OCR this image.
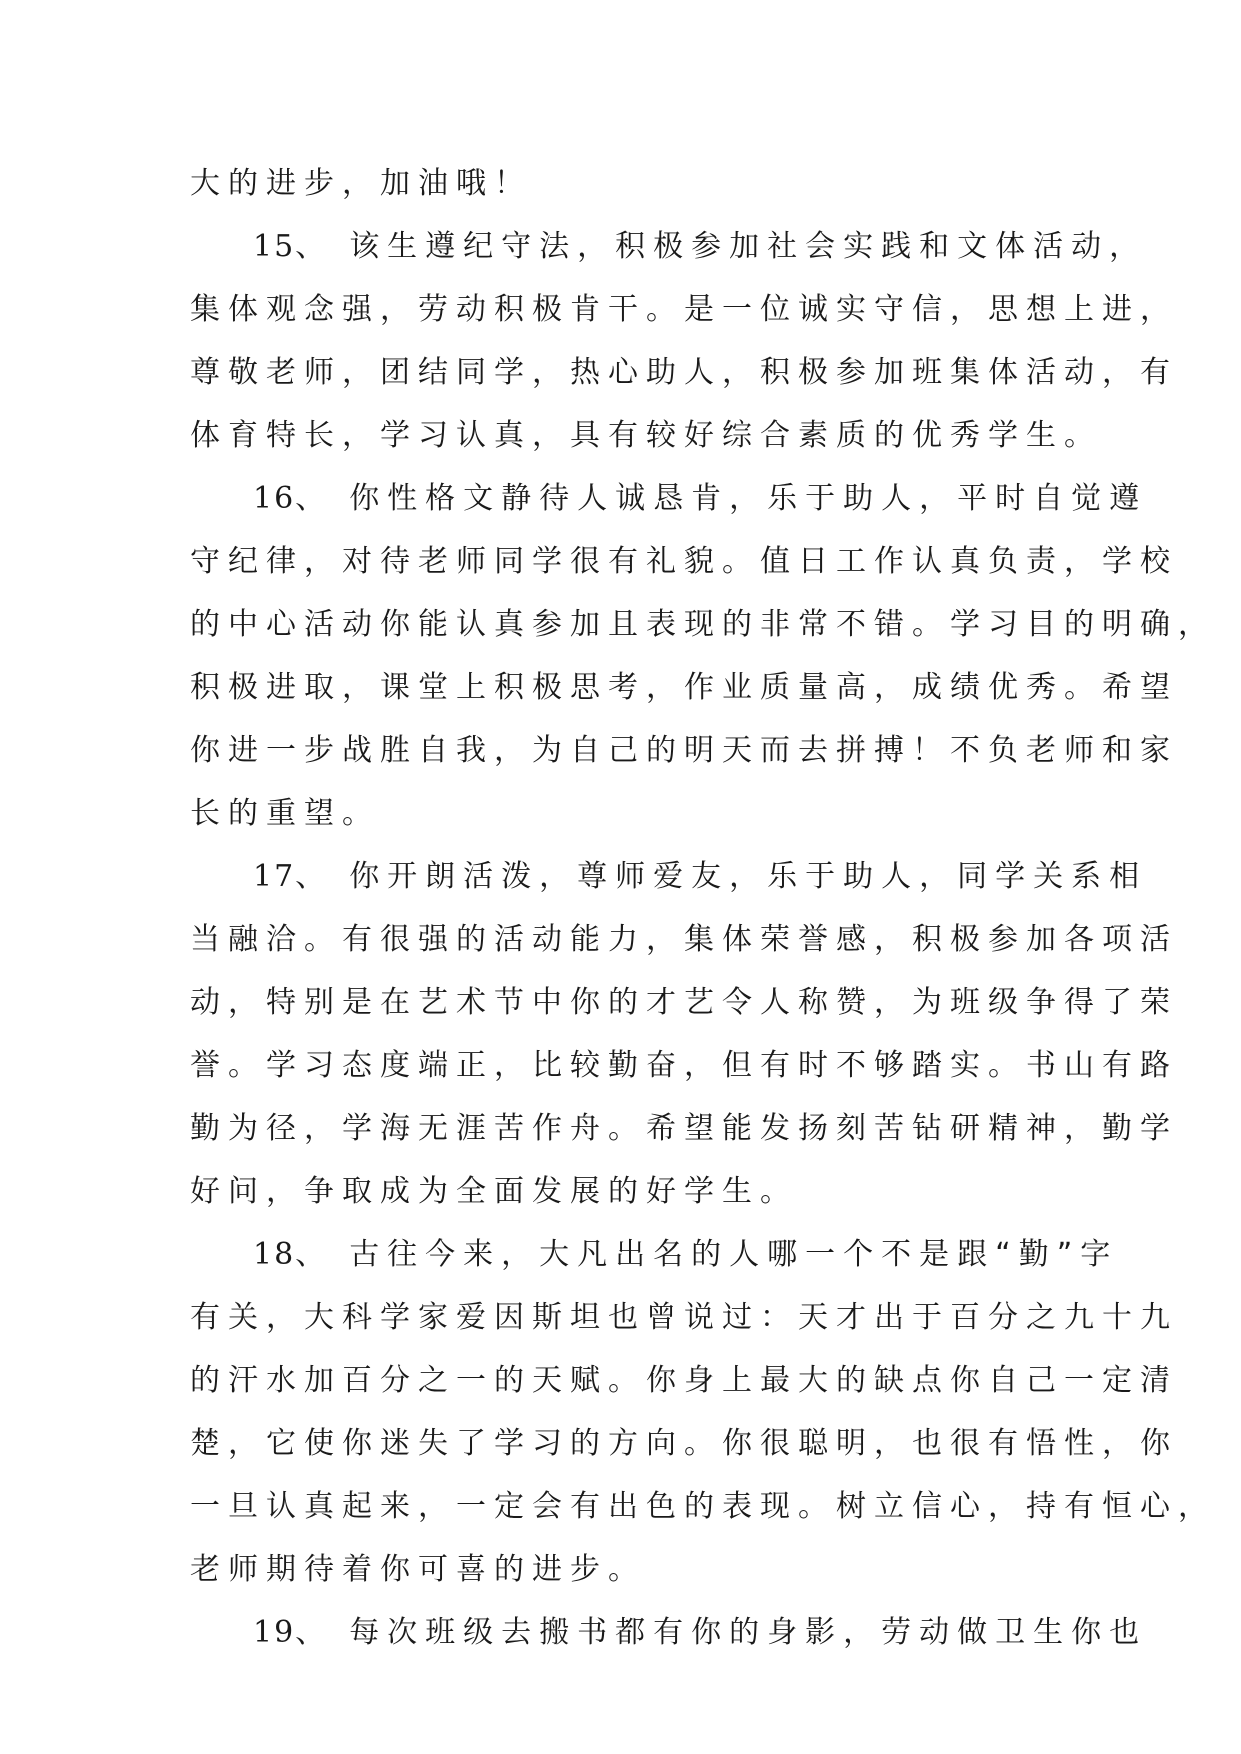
大的进步，加油哦！

15、 该生遵纪守法，积极参加社会实践和文体活动，

集体观念强，劳动积极肯干。是一位诚实守信，思想上进，

尊敬老师，团结同学，热心助人，积极参加班集体活动，有

体育特长，学习认真，具有较好综合素质的优秀学生。

16、 你性格文静待人诚恳肯，乐于助人，平时自觉遵

守纪律，对待老师同学很有礼貌。值日工作认真负责，学校

的中心活动你能认真参加且表现的非常不错。学习目的明确，

积极进取，课堂上积极思考，作业质量高，成绩优秀。希望

你进一步战胜自我，为自己的明天而去拼搏！不负老师和家

长的重望。

17、 你开朗活泼，尊师爱友，乐于助人，同学关系相

当融洽。有很强的活动能力，集体荣誉感，积极参加各项活

动，特别是在艺术节中你的才艺令人称赞，为班级争得了荣

誉。学习态度端正，比较勤奋，但有时不够踏实。书山有路

勤为径，学海无涯苦作舟。希望能发扬刻苦钻研精神，勤学

好问，争取成为全面发展的好学生。

18、 古往今来，大凡出名的人哪一个不是跟“勤”字

有关，大科学家爱因斯坦也曾说过：天才出于百分之九十九

的汗水加百分之一的天赋。你身上最大的缺点你自己一定清

楚，它使你迷失了学习的方向。你很聪明，也很有悟性，你

一旦认真起来，一定会有出色的表现。树立信心，持有恒心，

老师期待着你可喜的进步。

19、 每次班级去搬书都有你的身影，劳动做卫生你也
